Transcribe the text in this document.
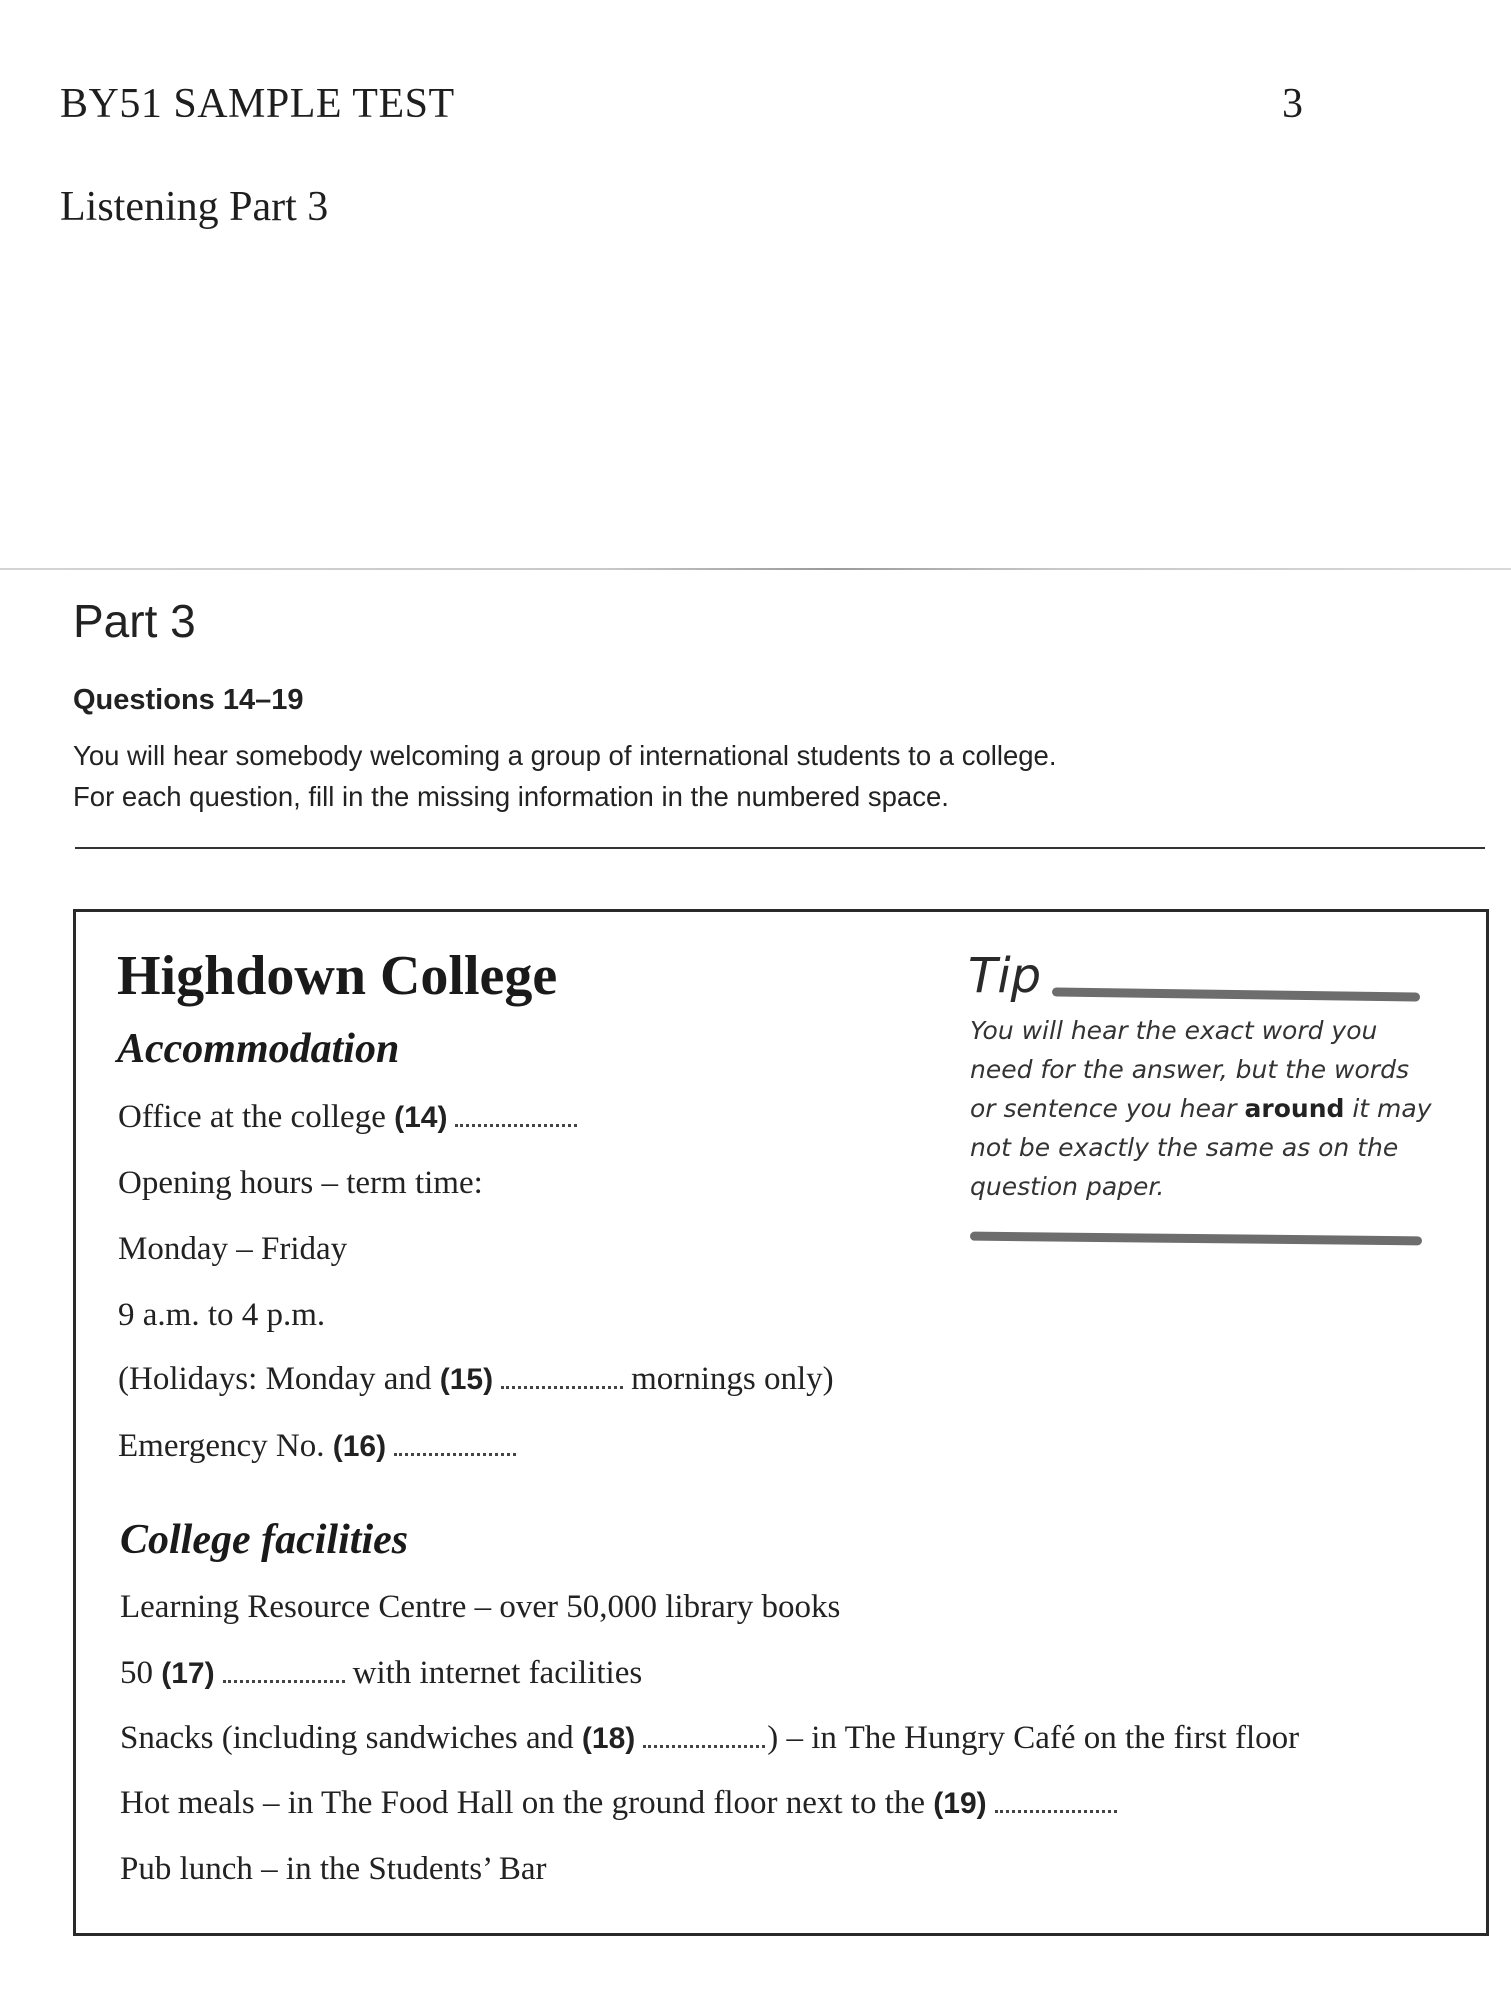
BY51 SAMPLE TEST	3
Listening Part 3
Part 3
Questions 14–19
You will hear somebody welcoming a group of international students to a college.
For each question, fill in the missing information in the numbered space.
Highdown College
Accommodation
Office at the college (14)
Opening hours – term time:
Monday – Friday
9 a.m. to 4 p.m.
(Holidays: Monday and (15)	mornings only)
Emergency No. (16)
College facilities
Learning Resource Centre – over 50,000 library books
50 (17)	with internet facilities
Snacks (including sandwiches and (18)	) – in The Hungry Café on the first floor
Hot meals – in The Food Hall on the ground floor next to the (19)
Pub lunch – in the Students’ Bar
Tip
You will hear the exact word you need for the answer, but the words or sentence you hear around it may not be exactly the same as on the question paper.
